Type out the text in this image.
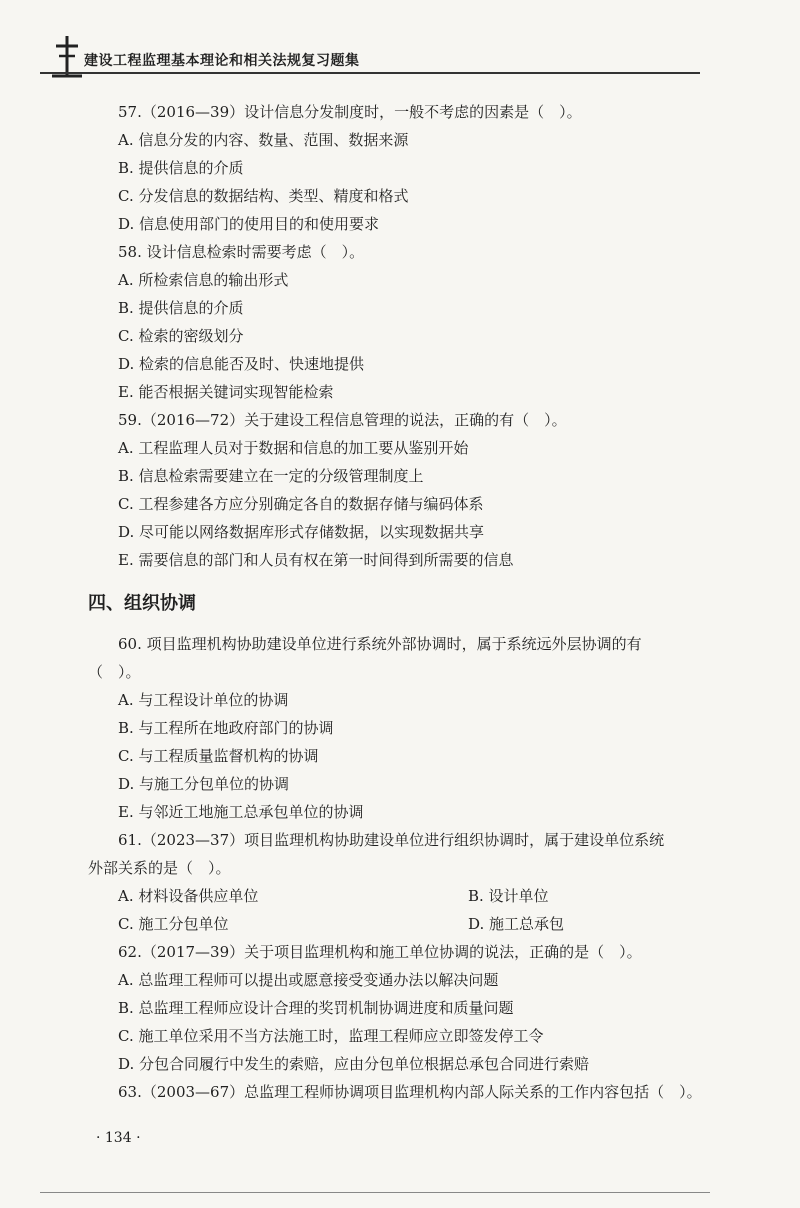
建设工程监理基本理论和相关法规复习题集
57.（2016—39）设计信息分发制度时，一般不考虑的因素是（　）。
A. 信息分发的内容、数量、范围、数据来源
B. 提供信息的介质
C. 分发信息的数据结构、类型、精度和格式
D. 信息使用部门的使用目的和使用要求
58. 设计信息检索时需要考虑（　）。
A. 所检索信息的输出形式
B. 提供信息的介质
C. 检索的密级划分
D. 检索的信息能否及时、快速地提供
E. 能否根据关键词实现智能检索
59.（2016—72）关于建设工程信息管理的说法，正确的有（　）。
A. 工程监理人员对于数据和信息的加工要从鉴别开始
B. 信息检索需要建立在一定的分级管理制度上
C. 工程参建各方应分别确定各自的数据存储与编码体系
D. 尽可能以网络数据库形式存储数据，以实现数据共享
E. 需要信息的部门和人员有权在第一时间得到所需要的信息
四、组织协调
60. 项目监理机构协助建设单位进行系统外部协调时，属于系统远外层协调的有
（　）。
A. 与工程设计单位的协调
B. 与工程所在地政府部门的协调
C. 与工程质量监督机构的协调
D. 与施工分包单位的协调
E. 与邻近工地施工总承包单位的协调
61.（2023—37）项目监理机构协助建设单位进行组织协调时，属于建设单位系统
外部关系的是（　）。
A. 材料设备供应单位	B. 设计单位
C. 施工分包单位	D. 施工总承包
62.（2017—39）关于项目监理机构和施工单位协调的说法，正确的是（　）。
A. 总监理工程师可以提出或愿意接受变通办法以解决问题
B. 总监理工程师应设计合理的奖罚机制协调进度和质量问题
C. 施工单位采用不当方法施工时，监理工程师应立即签发停工令
D. 分包合同履行中发生的索赔，应由分包单位根据总承包合同进行索赔
63.（2003—67）总监理工程师协调项目监理机构内部人际关系的工作内容包括（　）。
· 134 ·
